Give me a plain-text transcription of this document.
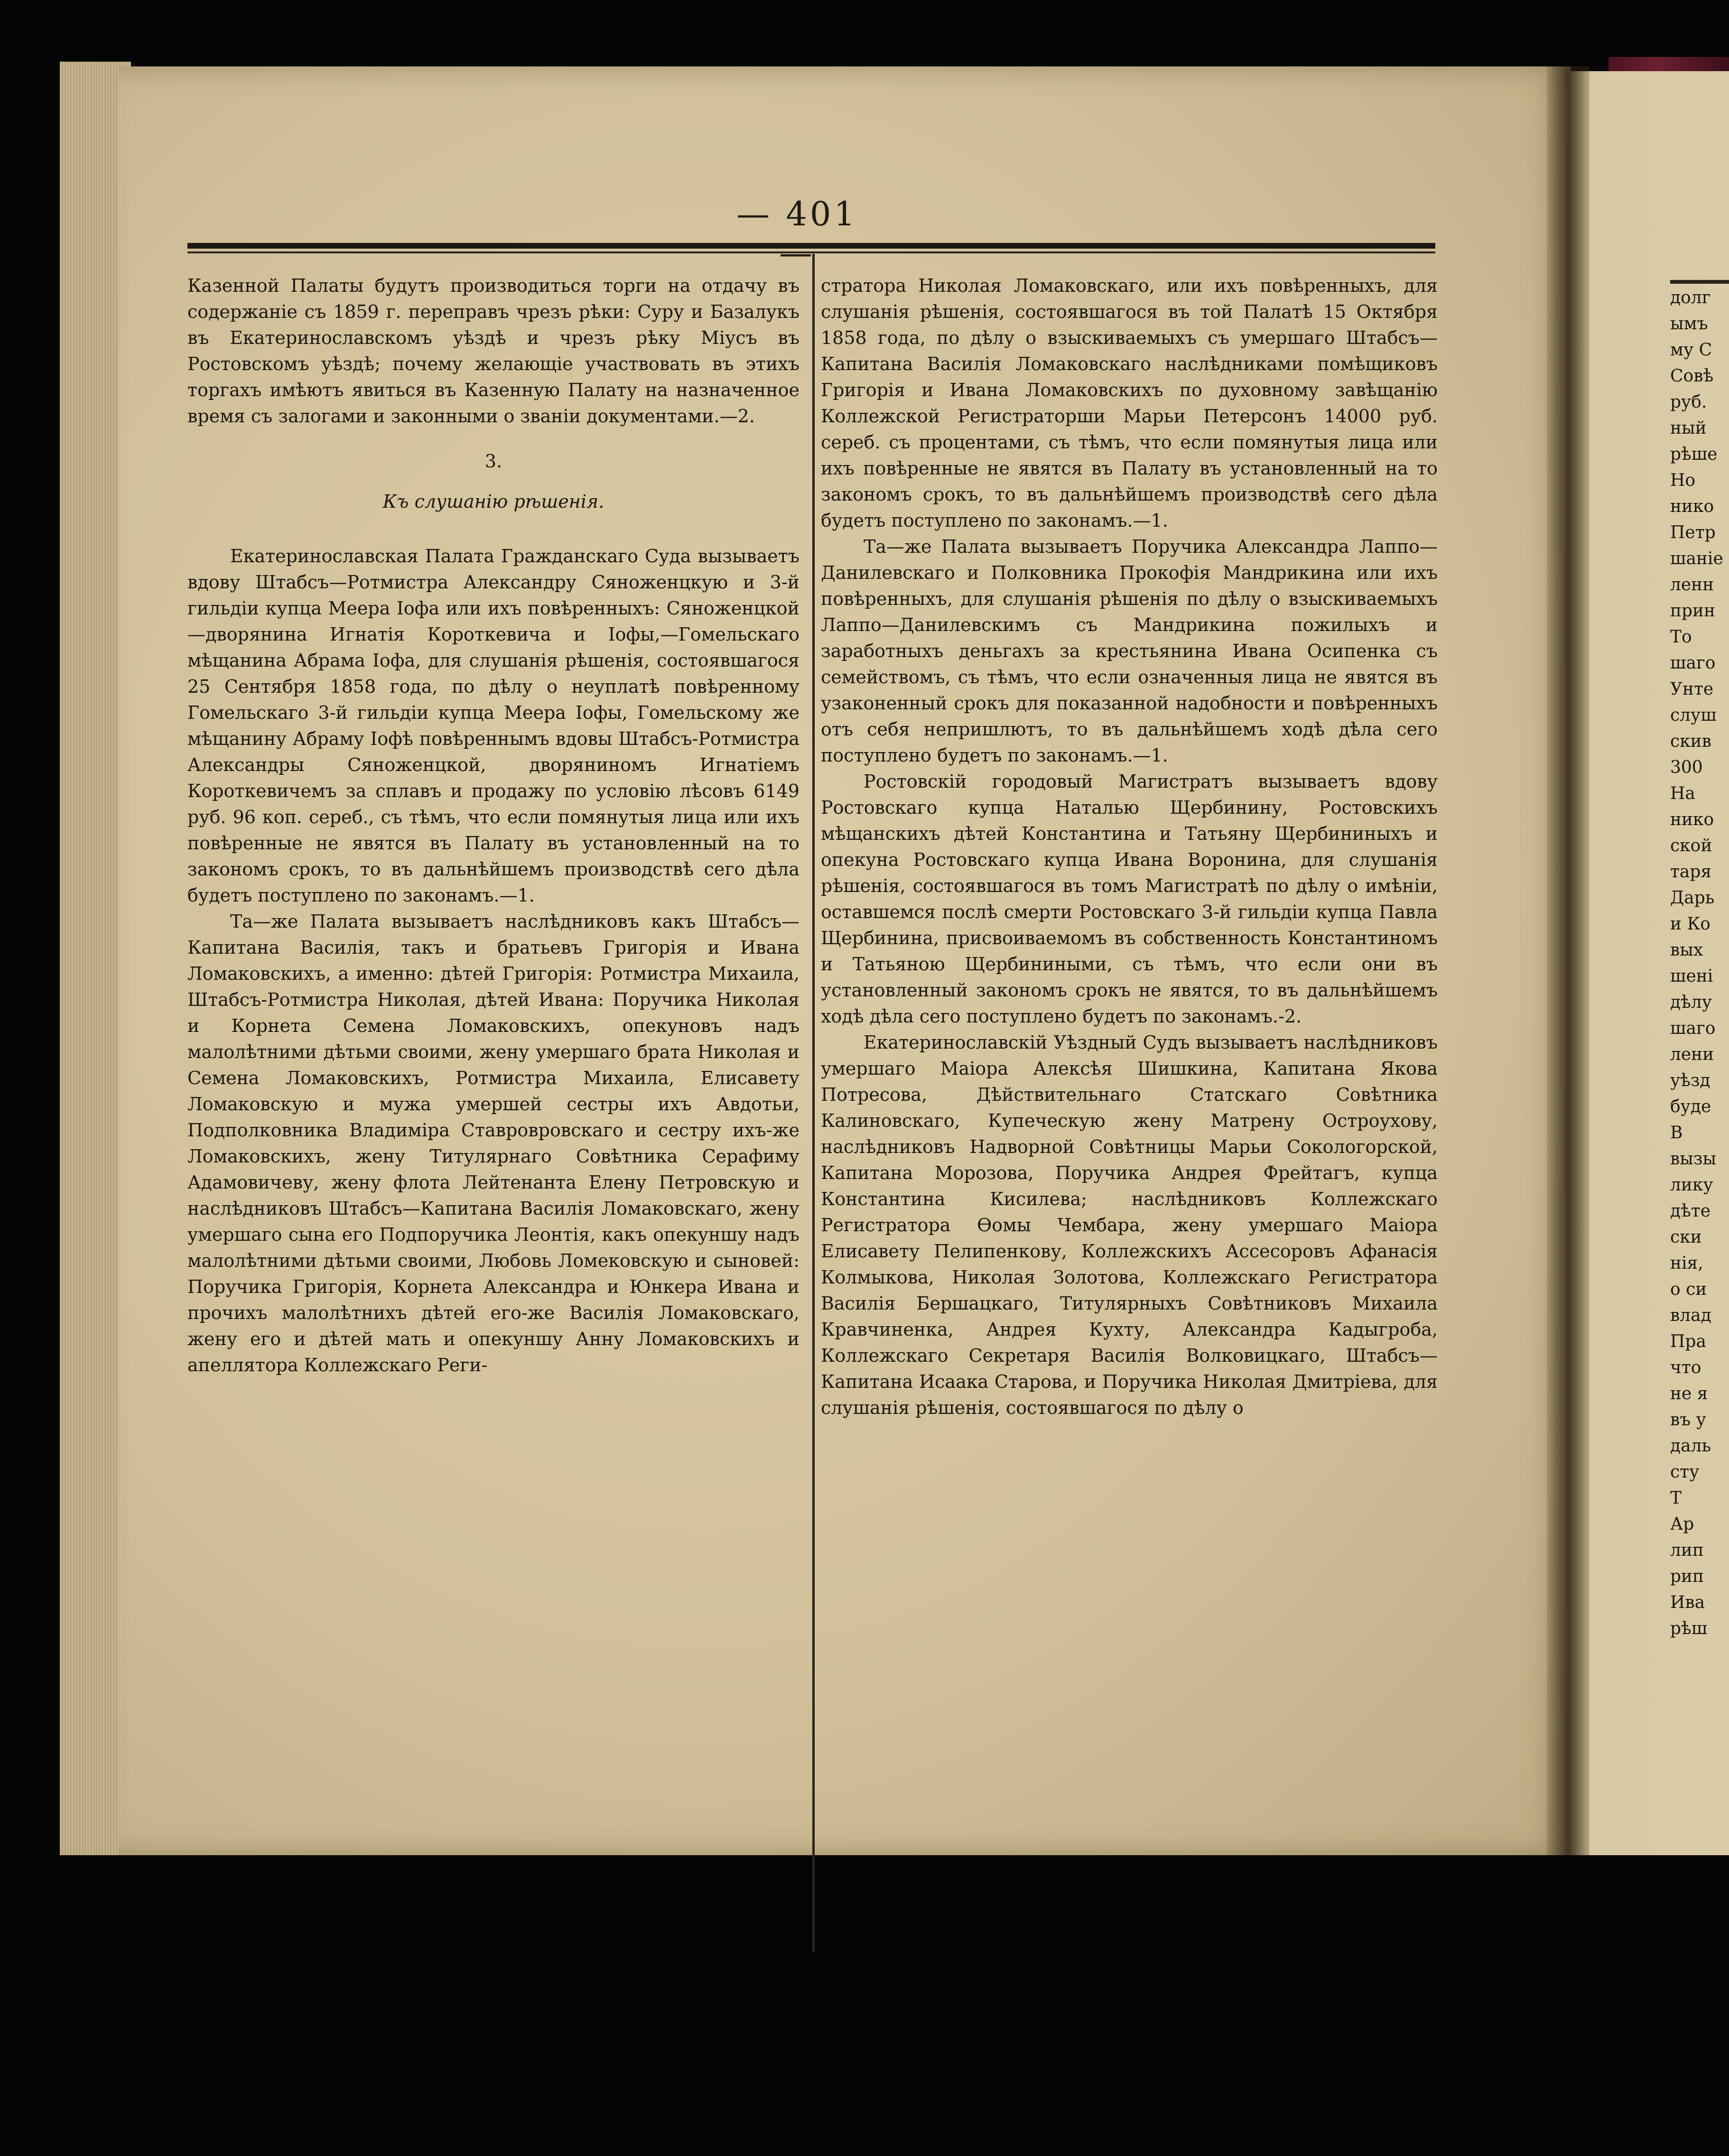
— 401

Казенной Палаты будутъ производиться торги на отдачу въ содержаніе съ 1859 г. переправъ чрезъ рѣки: Суру и Базалукъ въ Екатеринославскомъ уѣздѣ и чрезъ рѣку Міусъ въ Ростовскомъ уѣздѣ; почему желающіе участвовать въ этихъ торгахъ имѣютъ явиться въ Казенную Палату на назначенное время съ залогами и законными о званіи документами.—2.

3.
Къ слушанію рѣшенія.

Екатеринославская Палата Гражданскаго Суда вызываетъ вдову Штабсъ—Ротмистра Александру Сяноженцкую и 3-й гильдіи купца Меера Іофа или ихъ повѣренныхъ: Сяноженцкой—дворянина Игнатія Короткевича и Іофы,—Гомельскаго мѣщанина Абрама Іофа, для слушанія рѣшенія, состоявшагося 25 Сентября 1858 года, по дѣлу о неуплатѣ повѣренному Гомельскаго 3-й гильдіи купца Меера Іофы, Гомельскому же мѣщанину Абраму Іофѣ повѣреннымъ вдовы Штабсъ-Ротмистра Александры Сяноженцкой, дворяниномъ Игнатіемъ Короткевичемъ за сплавъ и продажу по условію лѣсовъ 6149 руб. 96 коп. сереб., съ тѣмъ, что если помянутыя лица или ихъ повѣренные не явятся въ Палату въ установленный на то закономъ срокъ, то въ дальнѣйшемъ производствѣ сего дѣла будетъ поступлено по законамъ.—1.

Та—же Палата вызываетъ наслѣдниковъ какъ Штабсъ—Капитана Василія, такъ и братьевъ Григорія и Ивана Ломаковскихъ, а именно: дѣтей Григорія: Ротмистра Михаила, Штабсъ-Ротмистра Николая, дѣтей Ивана: Поручика Николая и Корнета Семена Ломаковскихъ, опекуновъ надъ малолѣтними дѣтьми своими, жену умершаго брата Николая и Семена Ломаковскихъ, Ротмистра Михаила, Елисавету Ломаковскую и мужа умершей сестры ихъ Авдотьи, Подполковника Владиміра Ставровровскаго и сестру ихъ-же Ломаковскихъ, жену Титулярнаго Совѣтника Серафиму Адамовичеву, жену флота Лейтенанта Елену Петровскую и наслѣдниковъ Штабсъ—Капитана Василія Ломаковскаго, жену умершаго сына его Подпоручика Леонтія, какъ опекуншу надъ малолѣтними дѣтьми своими, Любовь Ломековскую и сыновей: Поручика Григорія, Корнета Александра и Юнкера Ивана и прочихъ малолѣтнихъ дѣтей его-же Василія Ломаковскаго, жену его и дѣтей мать и опекуншу Анну Ломаковскихъ и апеллятора Коллежскаго Реги-

стратора Николая Ломаковскаго, или ихъ повѣренныхъ, для слушанія рѣшенія, состоявшагося въ той Палатѣ 15 Октября 1858 года, по дѣлу о взыскиваемыхъ съ умершаго Штабсъ—Капитана Василія Ломаковскаго наслѣдниками помѣщиковъ Григорія и Ивана Ломаковскихъ по духовному завѣщанію Коллежской Регистраторши Марьи Петерсонъ 14000 руб. сереб. съ процентами, съ тѣмъ, что если помянутыя лица или ихъ повѣренные не явятся въ Палату въ установленный на то закономъ срокъ, то въ дальнѣйшемъ производствѣ сего дѣла будетъ поступлено по законамъ.—1.

Та—же Палата вызываетъ Поручика Александра Лаппо—Данилевскаго и Полковника Прокофія Мандрикина или ихъ повѣренныхъ, для слушанія рѣшенія по дѣлу о взыскиваемыхъ Лаппо—Данилевскимъ съ Мандрикина пожилыхъ и заработныхъ деньгахъ за крестьянина Ивана Осипенка съ семействомъ, съ тѣмъ, что если означенныя лица не явятся въ узаконенный срокъ для показанной надобности и повѣренныхъ отъ себя непришлютъ, то въ дальнѣйшемъ ходѣ дѣла сего поступлено будетъ по законамъ.—1.

Ростовскій городовый Магистратъ вызываетъ вдову Ростовскаго купца Наталью Щербинину, Ростовскихъ мѣщанскихъ дѣтей Константина и Татьяну Щербининыхъ и опекуна Ростовскаго купца Ивана Воронина, для слушанія рѣшенія, состоявшагося въ томъ Магистратѣ по дѣлу о имѣніи, оставшемся послѣ смерти Ростовскаго 3-й гильдіи купца Павла Щербинина, присвоиваемомъ въ собственность Константиномъ и Татьяною Щербиниными, съ тѣмъ, что если они въ установленный закономъ срокъ не явятся, то въ дальнѣйшемъ ходѣ дѣла сего поступлено будетъ по законамъ.-2.

Екатеринославскій Уѣздный Судъ вызываетъ наслѣдниковъ умершаго Маіора Алексѣя Шишкина, Капитана Якова Потресова, Дѣйствительнаго Статскаго Совѣтника Калиновскаго, Купеческую жену Матрену Остроухову, наслѣдниковъ Надворной Совѣтницы Марьи Сокологорской, Капитана Морозова, Поручика Андрея Фрейтагъ, купца Константина Кисилева; наслѣдниковъ Коллежскаго Регистратора Ѳомы Чембара, жену умершаго Маіора Елисавету Пелипенкову, Коллежскихъ Ассесоровъ Афанасія Колмыкова, Николая Золотова, Коллежскаго Регистратора Василія Бершацкаго, Титулярныхъ Совѣтниковъ Михаила Кравчиненка, Андрея Кухту, Александра Кадыгроба, Коллежскаго Секретаря Василія Волковицкаго, Штабсъ—Капитана Исаака Старова, и Поручика Николая Дмитріева, для слушанія рѣшенія, состоявшагося по дѣлу о

долг
ымъ
му С
Совѣ
руб.
ный
рѣше
Но
нико
Петр
шаніе
ленн
прин
То
шаго
Унте
слуш
скив
300
На
нико
ской
таря
Дарь
и Ко
вых
шені
дѣлу
шаго
лени
уѣзд
буде
В
вызы
лику
дѣте
ски
нія,
о си
влад
Пра
что
не я
въ у
даль
сту
Т
Ар
лип
рип
Ива
рѣш
